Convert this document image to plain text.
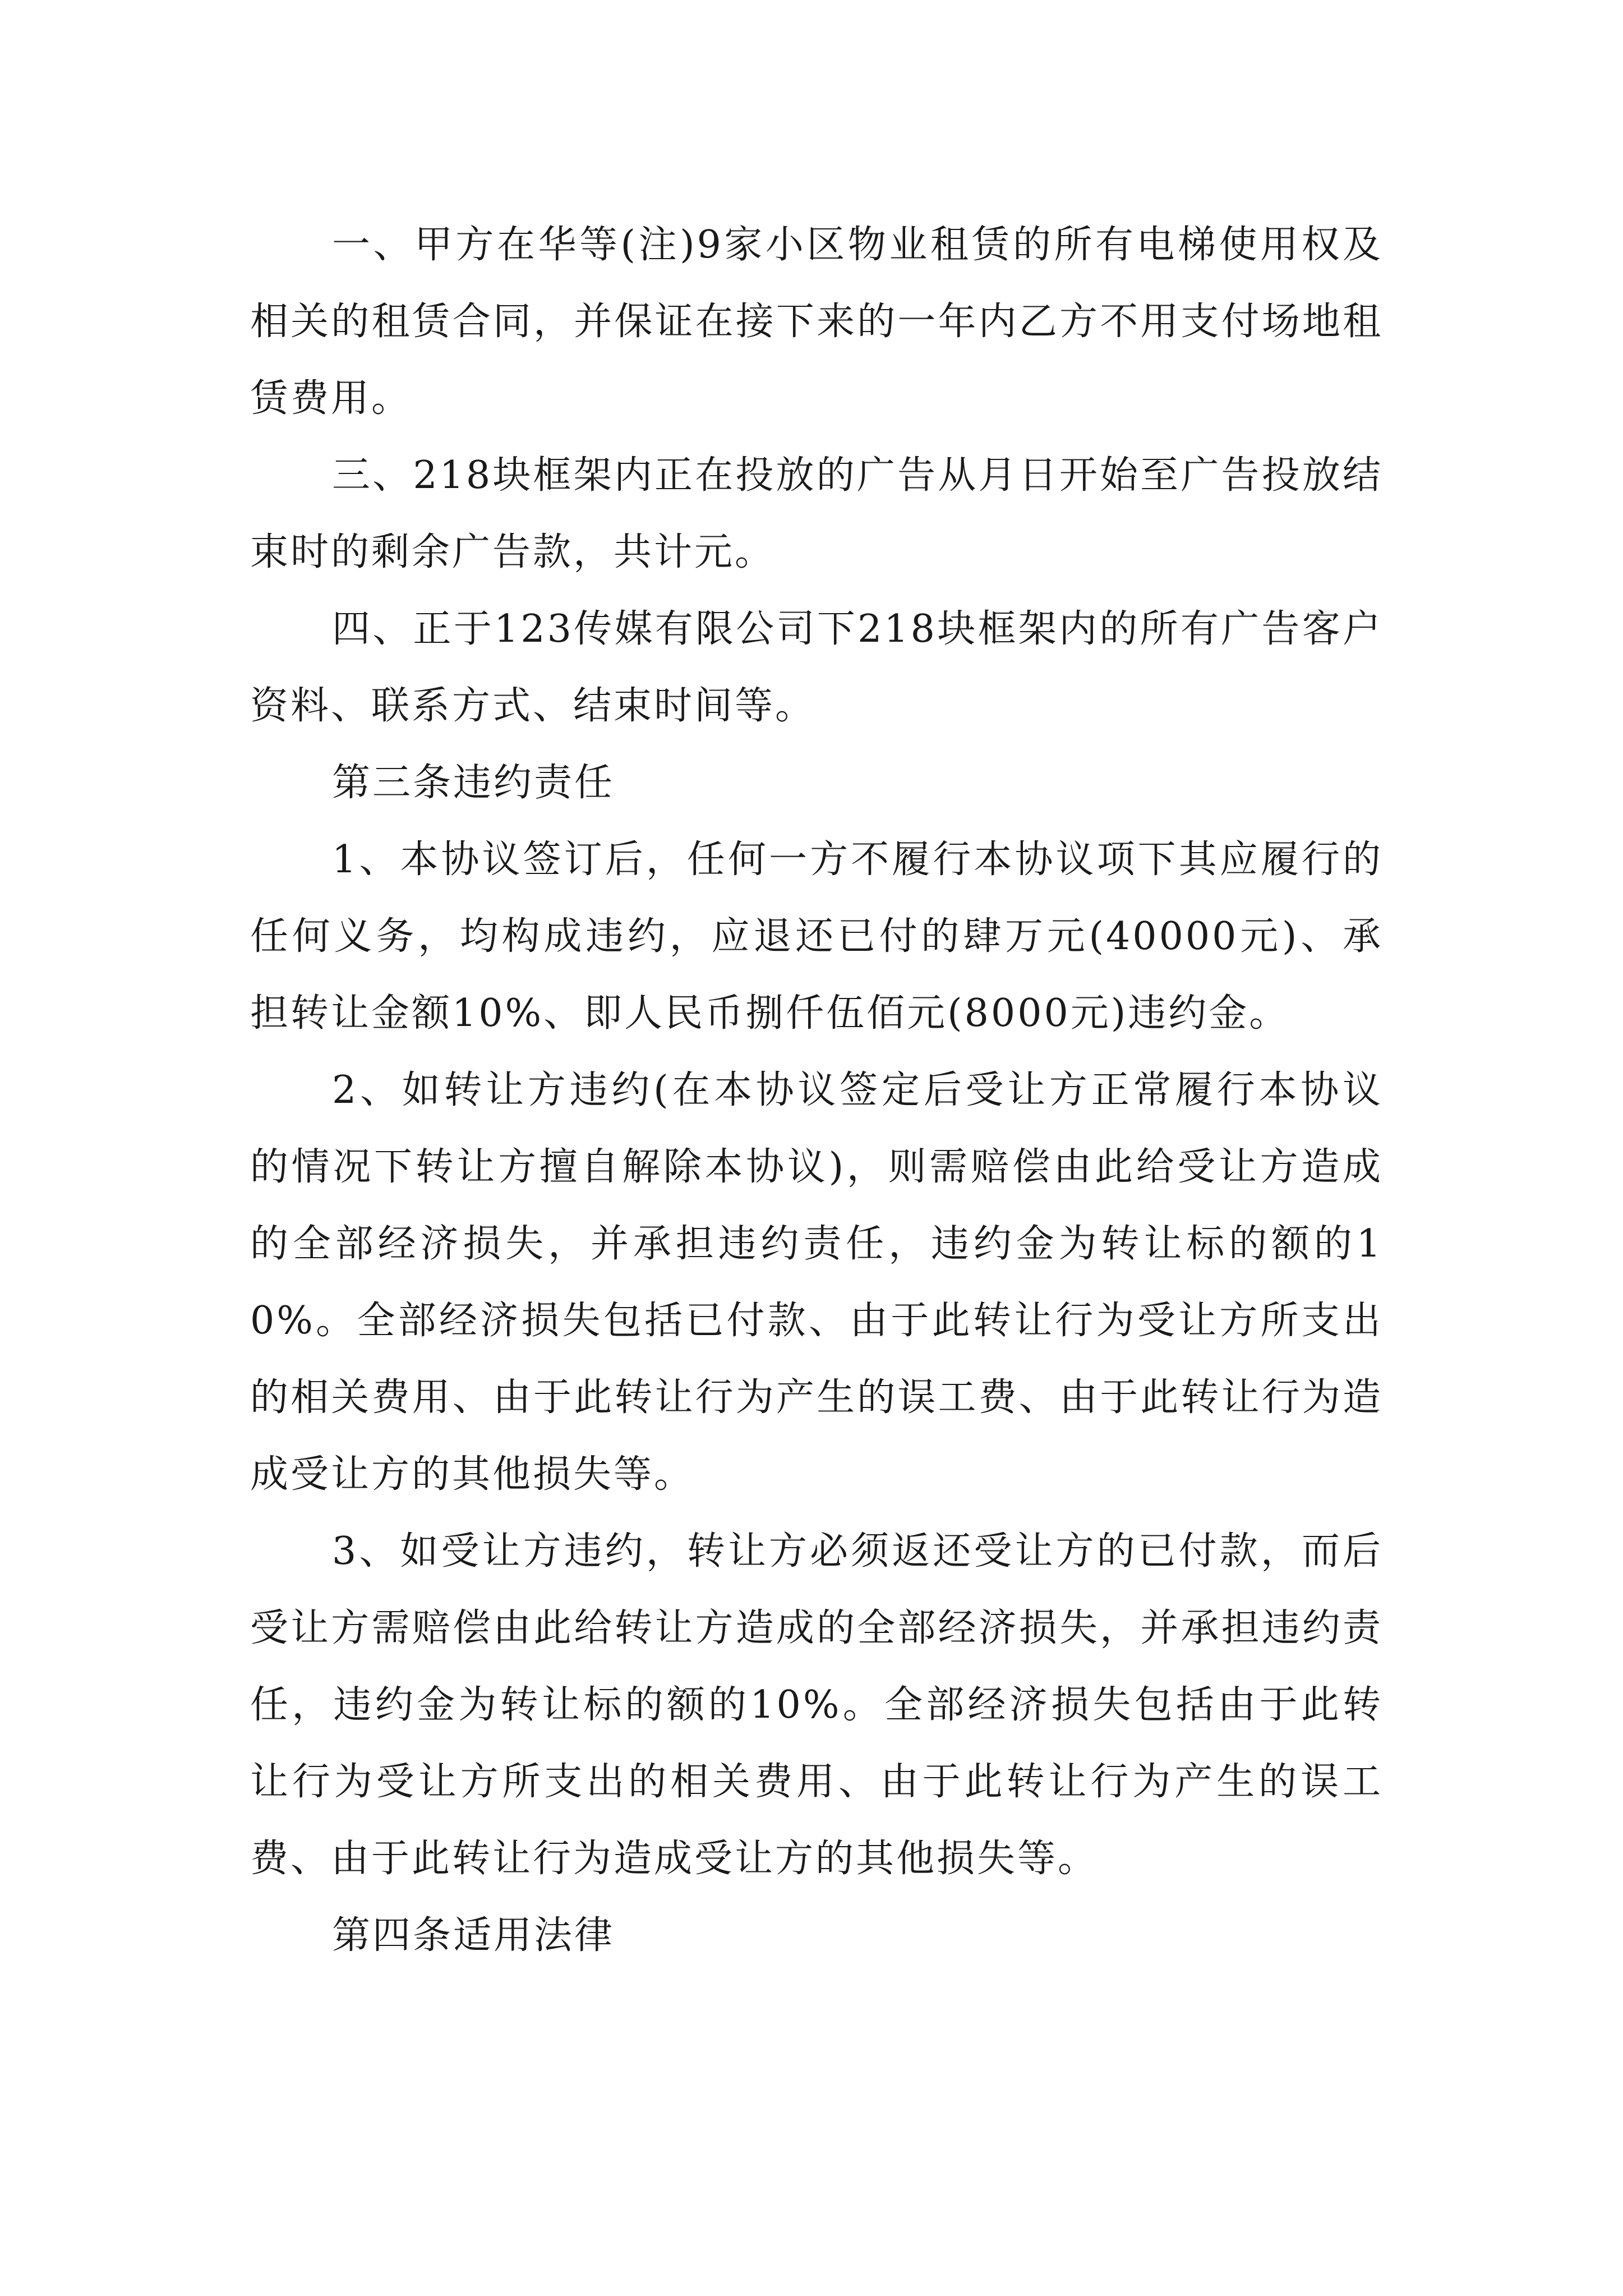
一、甲方在华等(注)9家小区物业租赁的所有电梯使用权及相关的租赁合同，并保证在接下来的一年内乙方不用支付场地租赁费用。

三、218块框架内正在投放的广告从月日开始至广告投放结束时的剩余广告款，共计元。

四、正于123传媒有限公司下218块框架内的所有广告客户资料、联系方式、结束时间等。

第三条违约责任

1、本协议签订后，任何一方不履行本协议项下其应履行的任何义务，均构成违约，应退还已付的肆万元(40000元)、承担转让金额10%、即人民币捌仟伍佰元(8000元)违约金。

2、如转让方违约(在本协议签定后受让方正常履行本协议的情况下转让方擅自解除本协议)，则需赔偿由此给受让方造成的全部经济损失，并承担违约责任，违约金为转让标的额的10%。全部经济损失包括已付款、由于此转让行为受让方所支出的相关费用、由于此转让行为产生的误工费、由于此转让行为造成受让方的其他损失等。

3、如受让方违约，转让方必须返还受让方的已付款，而后受让方需赔偿由此给转让方造成的全部经济损失，并承担违约责任，违约金为转让标的额的10%。全部经济损失包括由于此转让行为受让方所支出的相关费用、由于此转让行为产生的误工费、由于此转让行为造成受让方的其他损失等。

第四条适用法律
